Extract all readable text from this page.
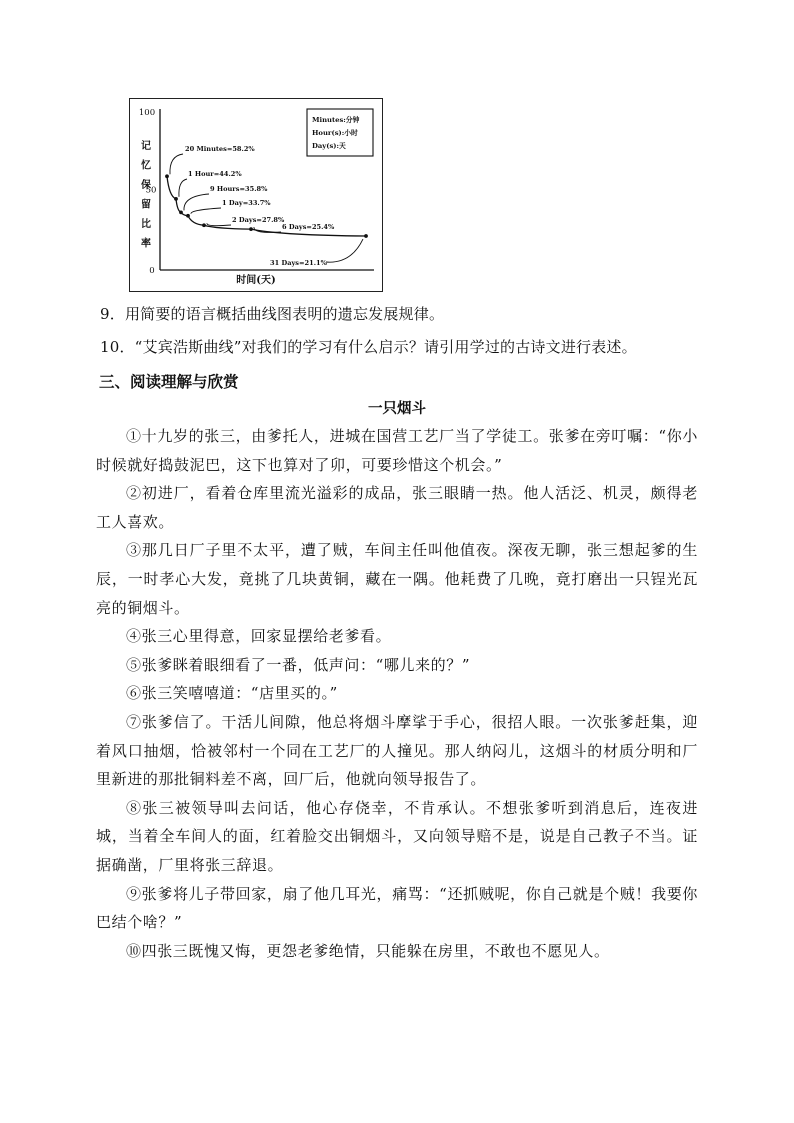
0
50
100
记
忆
保
留
比
率
时间(天)
Minutes:分钟
Hour(s):小时
Day(s):天
20 Minutes=58.2%
1 Hour=44.2%
9 Hours=35.8%
1 Day=33.7%
2 Days=27.8%
6 Days=25.4%
31 Days=21.1%
9．用简要的语言概括曲线图表明的遗忘发展规律。
10．“艾宾浩斯曲线”对我们的学习有什么启示？请引用学过的古诗文进行表述。
三、阅读理解与欣赏
一只烟斗

①十九岁的张三，由爹托人，进城在国营工艺厂当了学徒工。张爹在旁叮嘱：“你小时候就好捣鼓泥巴，这下也算对了卯，可要珍惜这个机会。”

②初进厂，看着仓库里流光溢彩的成品，张三眼睛一热。他人活泛、机灵，颇得老工人喜欢。

③那几日厂子里不太平，遭了贼，车间主任叫他值夜。深夜无聊，张三想起爹的生辰，一时孝心大发，竟挑了几块黄铜，藏在一隅。他耗费了几晚，竟打磨出一只锃光瓦亮的铜烟斗。

④张三心里得意，回家显摆给老爹看。

⑤张爹眯着眼细看了一番，低声问：“哪儿来的？”

⑥张三笑嘻嘻道：“店里买的。”

⑦张爹信了。干活儿间隙，他总将烟斗摩挲于手心，很招人眼。一次张爹赶集，迎着风口抽烟，恰被邻村一个同在工艺厂的人撞见。那人纳闷儿，这烟斗的材质分明和厂里新进的那批铜料差不离，回厂后，他就向领导报告了。

⑧张三被领导叫去问话，他心存侥幸，不肯承认。不想张爹听到消息后，连夜进城，当着全车间人的面，红着脸交出铜烟斗，又向领导赔不是，说是自己教子不当。证据确凿，厂里将张三辞退。

⑨张爹将儿子带回家，扇了他几耳光，痛骂：“还抓贼呢，你自己就是个贼！我要你巴结个啥？”

⑩四张三既愧又悔，更怨老爹绝情，只能躲在房里，不敢也不愿见人。
